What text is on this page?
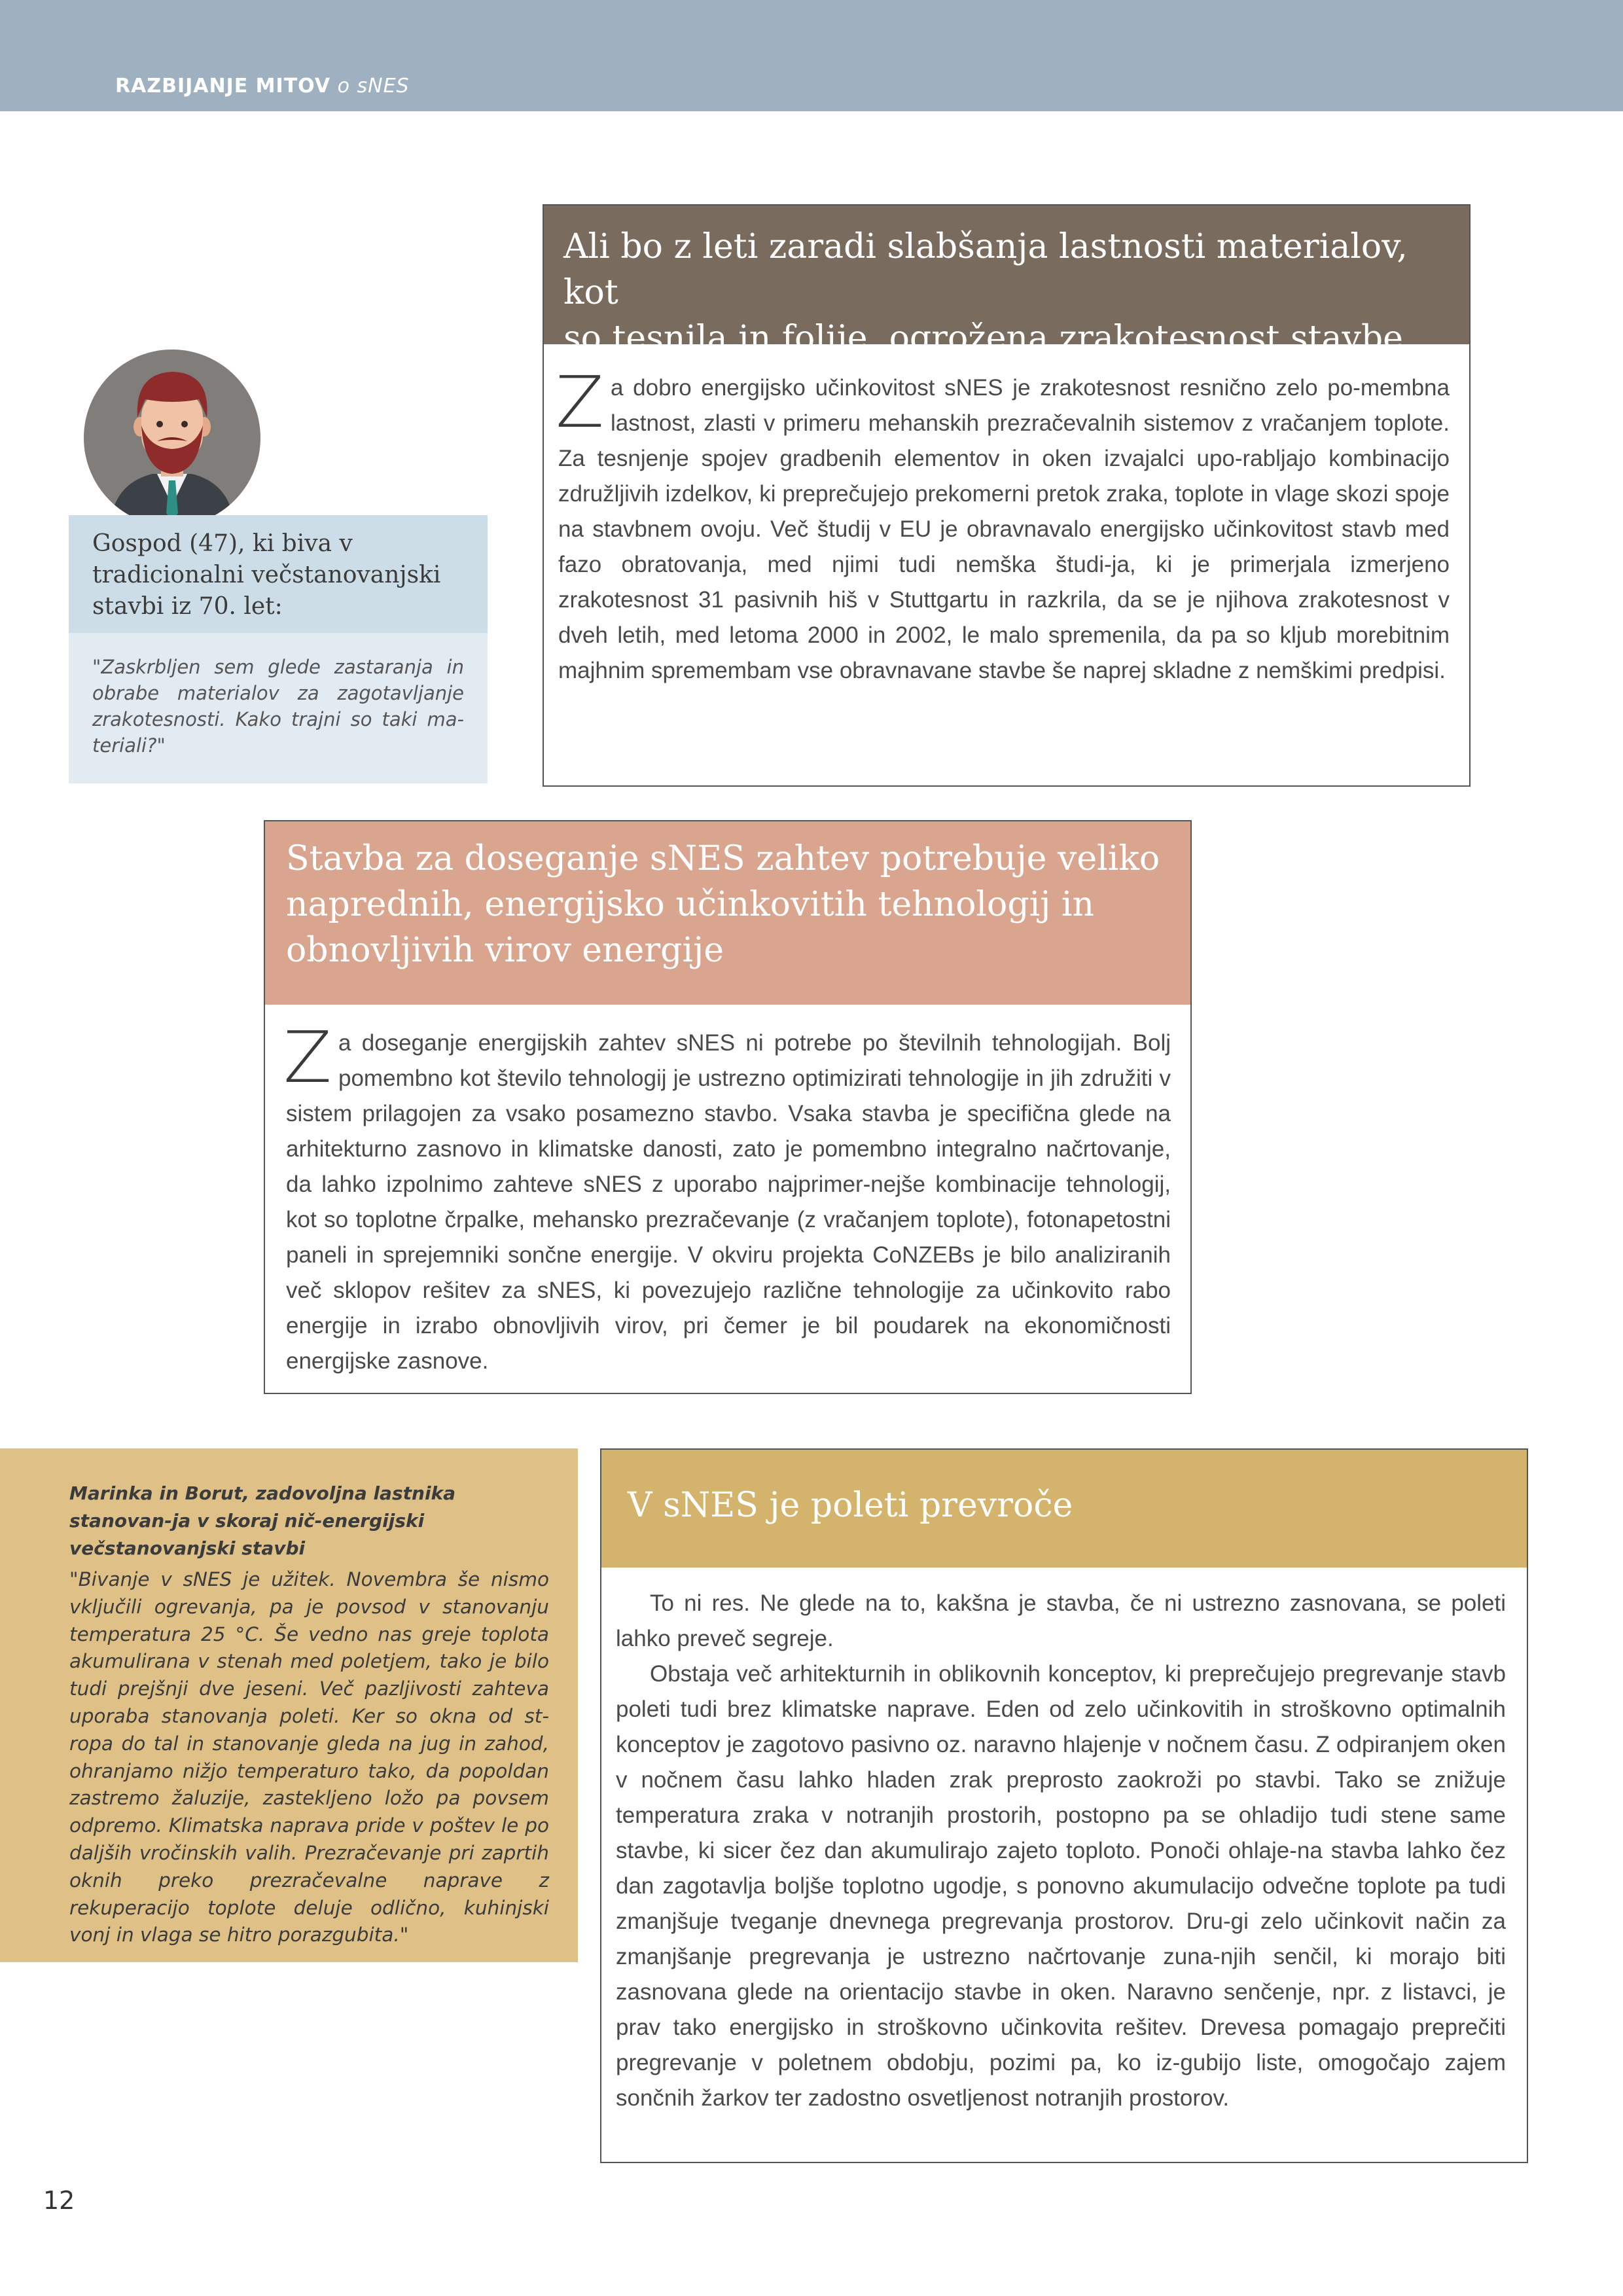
RAZBIJANJE MITOV o sNES
Gospod (47), ki biva v
tradicionalni večstanovanjski
stavbi iz 70. let:
"Zaskrbljen sem glede zastaranja in obrabe materialov za zagotavljanje zrakotesnosti. Kako trajni so taki ma-teriali?"
Ali bo z leti zaradi slabšanja lastnosti materialov, kot
so tesnila in folije, ogrožena zrakotesnost stavbe
Za dobro energijsko učinkovitost sNES je zrakotesnost resnično zelo po-membna lastnost, zlasti v primeru mehanskih prezračevalnih sistemov z vračanjem toplote. Za tesnjenje spojev gradbenih elementov in oken izvajalci upo-rabljajo kombinacijo združljivih izdelkov, ki preprečujejo prekomerni pretok zraka, toplote in vlage skozi spoje na stavbnem ovoju. Več študij v EU je obravnavalo energijsko učinkovitost stavb med fazo obratovanja, med njimi tudi nemška študi-ja, ki je primerjala izmerjeno zrakotesnost 31 pasivnih hiš v Stuttgartu in razkrila, da se je njihova zrakotesnost v dveh letih, med letoma 2000 in 2002, le malo spremenila, da pa so kljub morebitnim majhnim spremembam vse obravnavane stavbe še naprej skladne z nemškimi predpisi.
Stavba za doseganje sNES zahtev potrebuje veliko
naprednih, energijsko učinkovitih tehnologij in
obnovljivih virov energije
Za doseganje energijskih zahtev sNES ni potrebe po številnih tehnologijah. Bolj pomembno kot število tehnologij je ustrezno optimizirati tehnologije in jih združiti v sistem prilagojen za vsako posamezno stavbo. Vsaka stavba je specifična glede na arhitekturno zasnovo in klimatske danosti, zato je pomembno integralno načrtovanje, da lahko izpolnimo zahteve sNES z uporabo najprimer-nejše kombinacije tehnologij, kot so toplotne črpalke, mehansko prezračevanje (z vračanjem toplote), fotonapetostni paneli in sprejemniki sončne energije. V okviru projekta CoNZEBs je bilo analiziranih več sklopov rešitev za sNES, ki povezujejo različne tehnologije za učinkovito rabo energije in izrabo obnovljivih virov, pri čemer je bil poudarek na ekonomičnosti energijske zasnove.
Marinka in Borut, zadovoljna lastnika stanovan-ja v skoraj nič-energijski večstanovanjski stavbi
"Bivanje v sNES je užitek. Novembra še nismo vključili ogrevanja, pa je povsod v stanovanju temperatura 25 °C. Še vedno nas greje toplota akumulirana v stenah med poletjem, tako je bilo tudi prejšnji dve jeseni. Več pazljivosti zahteva uporaba stanovanja poleti. Ker so okna od st-ropa do tal in stanovanje gleda na jug in zahod, ohranjamo nižjo temperaturo tako, da popoldan zastremo žaluzije, zasteklјeno ložo pa povsem odpremo. Klimatska naprava pride v poštev le po daljših vročinskih valih. Prezračevanje pri zaprtih oknih preko prezračevalne naprave z rekuperacijo toplote deluje odlično, kuhinjski vonj in vlaga se hitro porazgubita."
V sNES je poleti prevroče

To ni res. Ne glede na to, kakšna je stavba, če ni ustrezno zasnovana, se poleti lahko preveč segreje.

Obstaja več arhitekturnih in oblikovnih konceptov, ki preprečujejo pregrevanje stavb poleti tudi brez klimatske naprave. Eden od zelo učinkovitih in stroškovno optimalnih konceptov je zagotovo pasivno oz. naravno hlajenje v nočnem času. Z odpiranjem oken v nočnem času lahko hladen zrak preprosto zaokroži po stavbi. Tako se znižuje temperatura zraka v notranjih prostorih, postopno pa se ohladijo tudi stene same stavbe, ki sicer čez dan akumulirajo zajeto toploto. Ponoči ohlaje-na stavba lahko čez dan zagotavlja boljše toplotno ugodje, s ponovno akumulacijo odvečne toplote pa tudi zmanjšuje tveganje dnevnega pregrevanja prostorov. Dru-gi zelo učinkovit način za zmanjšanje pregrevanja je ustrezno načrtovanje zuna-njih senčil, ki morajo biti zasnovana glede na orientacijo stavbe in oken. Naravno senčenje, npr. z listavci, je prav tako energijsko in stroškovno učinkovita rešitev. Drevesa pomagajo preprečiti pregrevanje v poletnem obdobju, pozimi pa, ko iz-gubijo liste, omogočajo zajem sončnih žarkov ter zadostno osvetljenost notranjih prostorov.

12
